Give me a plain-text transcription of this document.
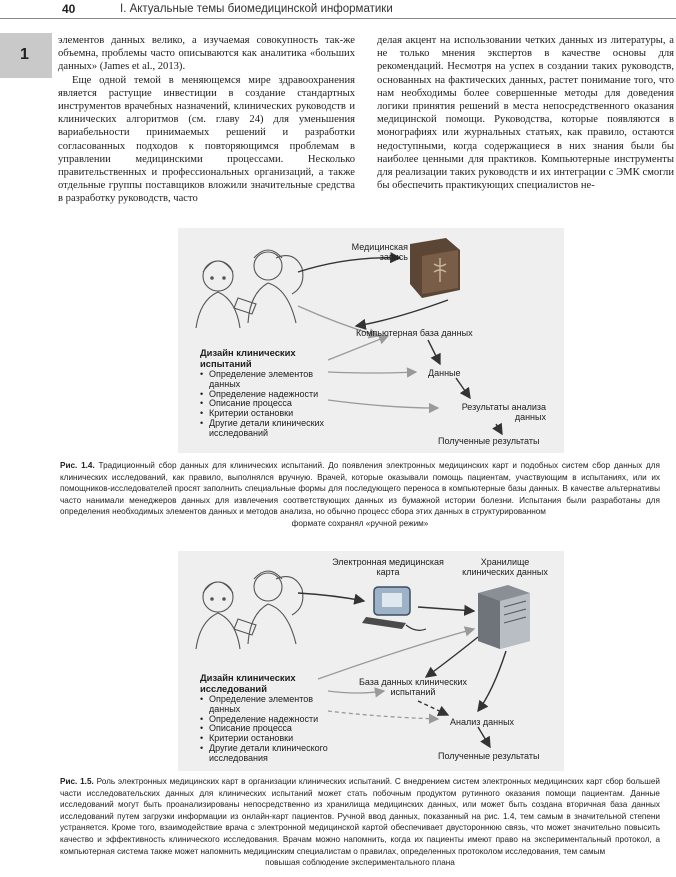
40	I. Актуальные темы биомедицинской информатики
1

элементов данных велико, а изучаемая совокупность так-же объемна, проблемы часто описываются как аналитика «больших данных» (James et al., 2013).

Еще одной темой в меняющемся мире здравоохранения является растущие инвестиции в создание стандартных инструментов врачебных назначений, клинических руководств и клинических алгоритмов (см. главу 24) для уменьшения вариабельности принимаемых решений и разработки согласованных подходов к повторяющимся проблемам в управлении медицинскими процессами. Несколько правительственных и профессиональных организаций, а также отдельные группы поставщиков вложили значительные средства в разработку руководств, часто

делая акцент на использовании четких данных из литературы, а не только мнения экспертов в качестве основы для рекомендаций. Несмотря на успех в создании таких руководств, основанных на фактических данных, растет понимание того, что нам необходимы более совершенные методы для доведения логики принятия решений в места непосредственного оказания медицинской помощи. Руководства, которые появляются в монографиях или журнальных статьях, как правило, остаются недоступными, когда содержащиеся в них знания были бы наиболее ценными для практиков. Компьютерные инструменты для реализации таких руководств и их интеграции с ЭМК смогли бы обеспечить практикующих специалистов не-

Медицинская запись
Компьютерная база данных
Данные
Результаты анализа данных
Полученные результаты
Дизайн клинических испытаний
• Определение элементов данных
• Определение надежности
• Описание процесса
• Критерии остановки
• Другие детали клинических исследований
Рис. 1.4. Традиционный сбор данных для клинических испытаний. До появления электронных медицинских карт и подобных систем сбор данных для клинических исследований, как правило, выполнялся вручную. Врачей, которые оказывали помощь пациентам, участвующим в испытаниях, или их помощников-исследователей просят заполнить специальные формы для последующего переноса в компьютерные базы данных. В качестве альтернативы часто нанимали менеджеров данных для извлечения соответствующих данных из бумажной истории болезни. Испытания были разработаны для определения необходимых элементов данных и методов анализа, но обычно процесс сбора этих данных в структурированном
формате сохранял «ручной режим»
Электронная медицинская карта
Хранилище клинических данных
База данных клинических испытаний
Анализ данных
Полученные результаты
Дизайн клинических исследований
• Определение элементов данных
• Определение надежности
• Описание процесса
• Критерии остановки
• Другие детали клинического исследования
Рис. 1.5. Роль электронных медицинских карт в организации клинических испытаний. С внедрением систем электронных медицинских карт сбор большей части исследовательских данных для клинических испытаний может стать побочным продуктом рутинного оказания помощи пациентам. Данные исследований могут быть проанализированы непосредственно из хранилища медицинских данных, или может быть создана вторичная база данных исследований путем загрузки информации из онлайн-карт пациентов. Ручной ввод данных, показанный на рис. 1.4, тем самым в значительной степени устраняется. Кроме того, взаимодействие врача с электронной медицинской картой обеспечивает двустороннюю связь, что может значительно повысить качество и эффективность клинического исследования. Врачам можно напомнить, когда их пациенты имеют право на экспериментальный протокол, а компьютерная система также может напомнить медицинским специалистам о правилах, определенных протоколом исследования, тем самым
повышая соблюдение экспериментального плана
